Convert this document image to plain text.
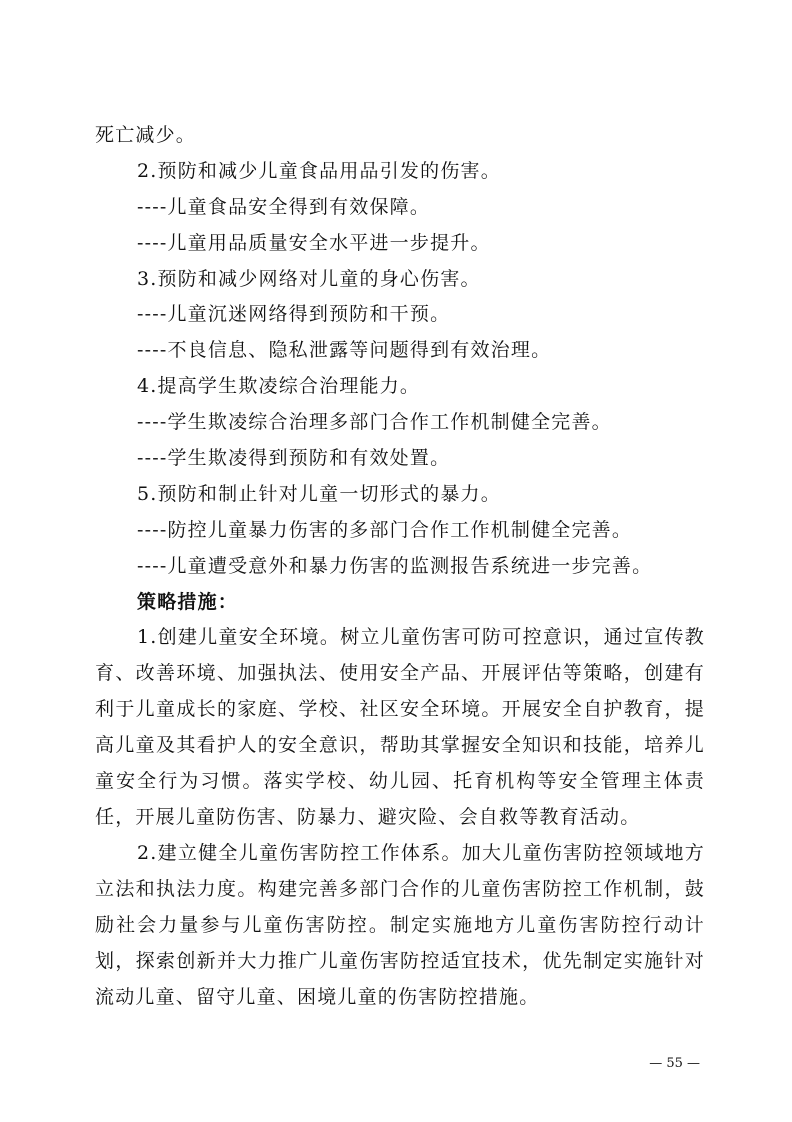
死亡减少。
2.预防和减少儿童食品用品引发的伤害。
----儿童食品安全得到有效保障。
----儿童用品质量安全水平进一步提升。
3.预防和减少网络对儿童的身心伤害。
----儿童沉迷网络得到预防和干预。
----不良信息、隐私泄露等问题得到有效治理。
4.提高学生欺凌综合治理能力。
----学生欺凌综合治理多部门合作工作机制健全完善。
----学生欺凌得到预防和有效处置。
5.预防和制止针对儿童一切形式的暴力。
----防控儿童暴力伤害的多部门合作工作机制健全完善。
----儿童遭受意外和暴力伤害的监测报告系统进一步完善。
策略措施：

1.创建儿童安全环境。树立儿童伤害可防可控意识，通过宣传教育、改善环境、加强执法、使用安全产品、开展评估等策略，创建有利于儿童成长的家庭、学校、社区安全环境。开展安全自护教育，提高儿童及其看护人的安全意识，帮助其掌握安全知识和技能，培养儿童安全行为习惯。落实学校、幼儿园、托育机构等安全管理主体责任，开展儿童防伤害、防暴力、避灾险、会自救等教育活动。

2.建立健全儿童伤害防控工作体系。加大儿童伤害防控领域地方立法和执法力度。构建完善多部门合作的儿童伤害防控工作机制，鼓励社会力量参与儿童伤害防控。制定实施地方儿童伤害防控行动计划，探索创新并大力推广儿童伤害防控适宜技术，优先制定实施针对流动儿童、留守儿童、困境儿童的伤害防控措施。

— 55 —
